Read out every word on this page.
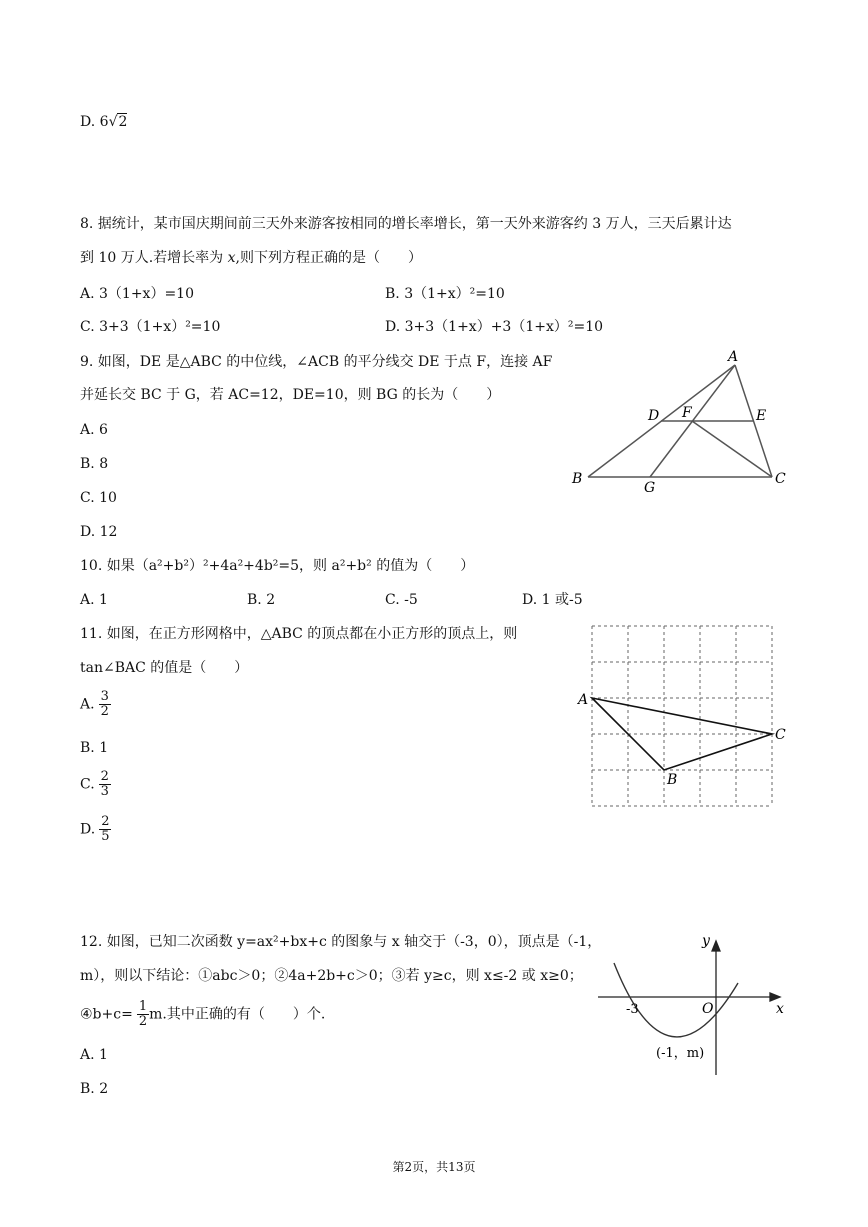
D. 6√2
8. 据统计，某市国庆期间前三天外来游客按相同的增长率增长，第一天外来游客约 3 万人，三天后累计达
到 10 万人.若增长率为 x,则下列方程正确的是（　　）
A. 3（1+x）=10	B. 3（1+x）²=10
C. 3+3（1+x）²=10	D. 3+3（1+x）+3（1+x）²=10
9. 如图，DE 是△ABC 的中位线，∠ACB 的平分线交 DE 于点 F，连接 AF
并延长交 BC 于 G，若 AC=12，DE=10，则 BG 的长为（　　）
A. 6
B. 8
C. 10
D. 12
A
B	C
D	E
F
G
10. 如果（a²+b²）²+4a²+4b²=5，则 a²+b² 的值为（　　）
A. 1	B. 2	C. -5	D. 1 或-5
11. 如图，在正方形网格中，△ABC 的顶点都在小正方形的顶点上，则
tan∠BAC 的值是（　　）
A. $\frac{3}{2}$
B. 1
C. $\frac{2}{3}$
D. $\frac{2}{5}$
A
B
C
12. 如图，已知二次函数 y=ax²+bx+c 的图象与 x 轴交于（-3，0），顶点是（-1，
m），则以下结论：①abc＞0；②4a+2b+c＞0；③若 y≥c，则 x≤-2 或 x≥0；
④b+c= $\frac{1}{2} m$.其中正确的有（　　）个.
A. 1
B. 2
y
x
O
-3
(-1，m)
第2页，共13页
